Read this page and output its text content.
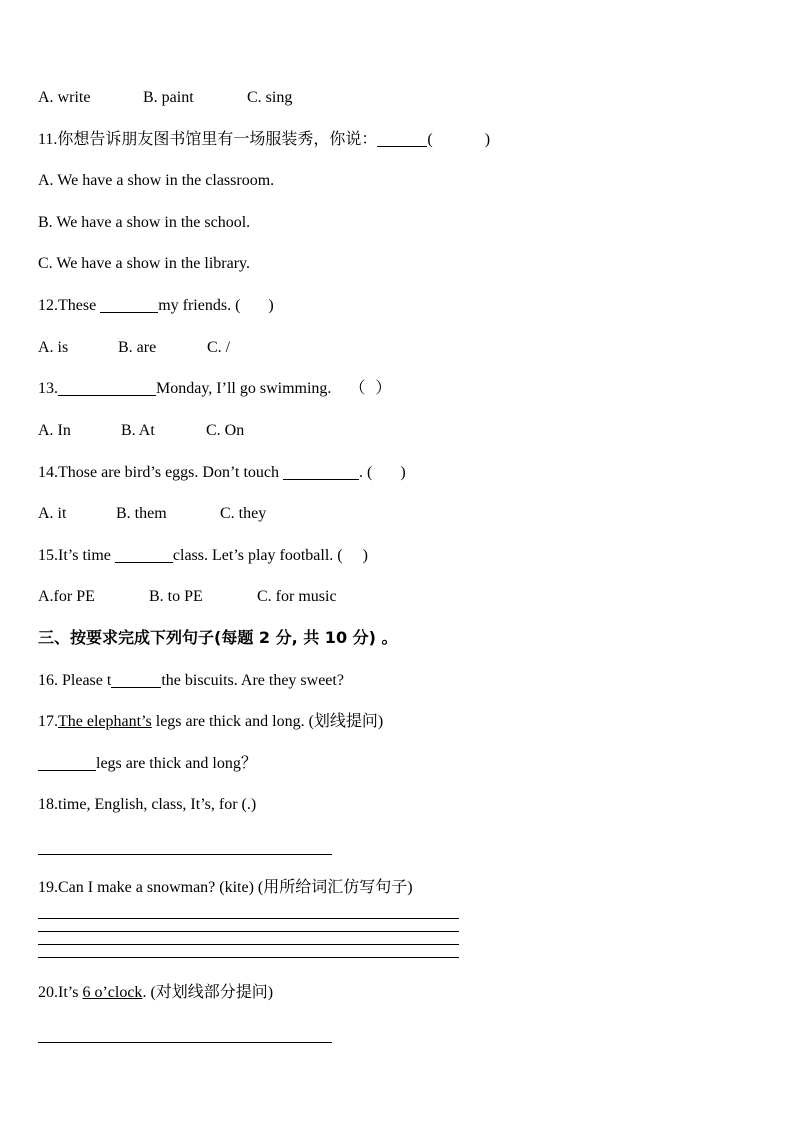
A. write	B. paint	C. sing
11.你想告诉朋友图书馆里有一场服装秀，你说：	(	)
A. We have a show in the classroom.
B. We have a show in the school.
C. We have a show in the library.
12.These	my friends. ( )
A. is	B. are	C. /
13.	Monday, I’ll go swimming. （ ）
A. In	B. At	C. On
14.Those are bird’s eggs. Don’t touch	. ( )
A. it	B. them	C. they
15.It’s time	class. Let’s play football. ( )
A.for PE	B. to PE	C. for music
三、按要求完成下列句子(每题 2 分, 共 10 分) 。
16. Please t	the biscuits. Are they sweet?
17.The elephant’s legs are thick and long. (划线提问)
legs are thick and long？
18.time, English, class, It’s, for (.)
19.Can I make a snowman? (kite) (用所给词汇仿写句子)
20.It’s 6 o’clock. (对划线部分提问)
